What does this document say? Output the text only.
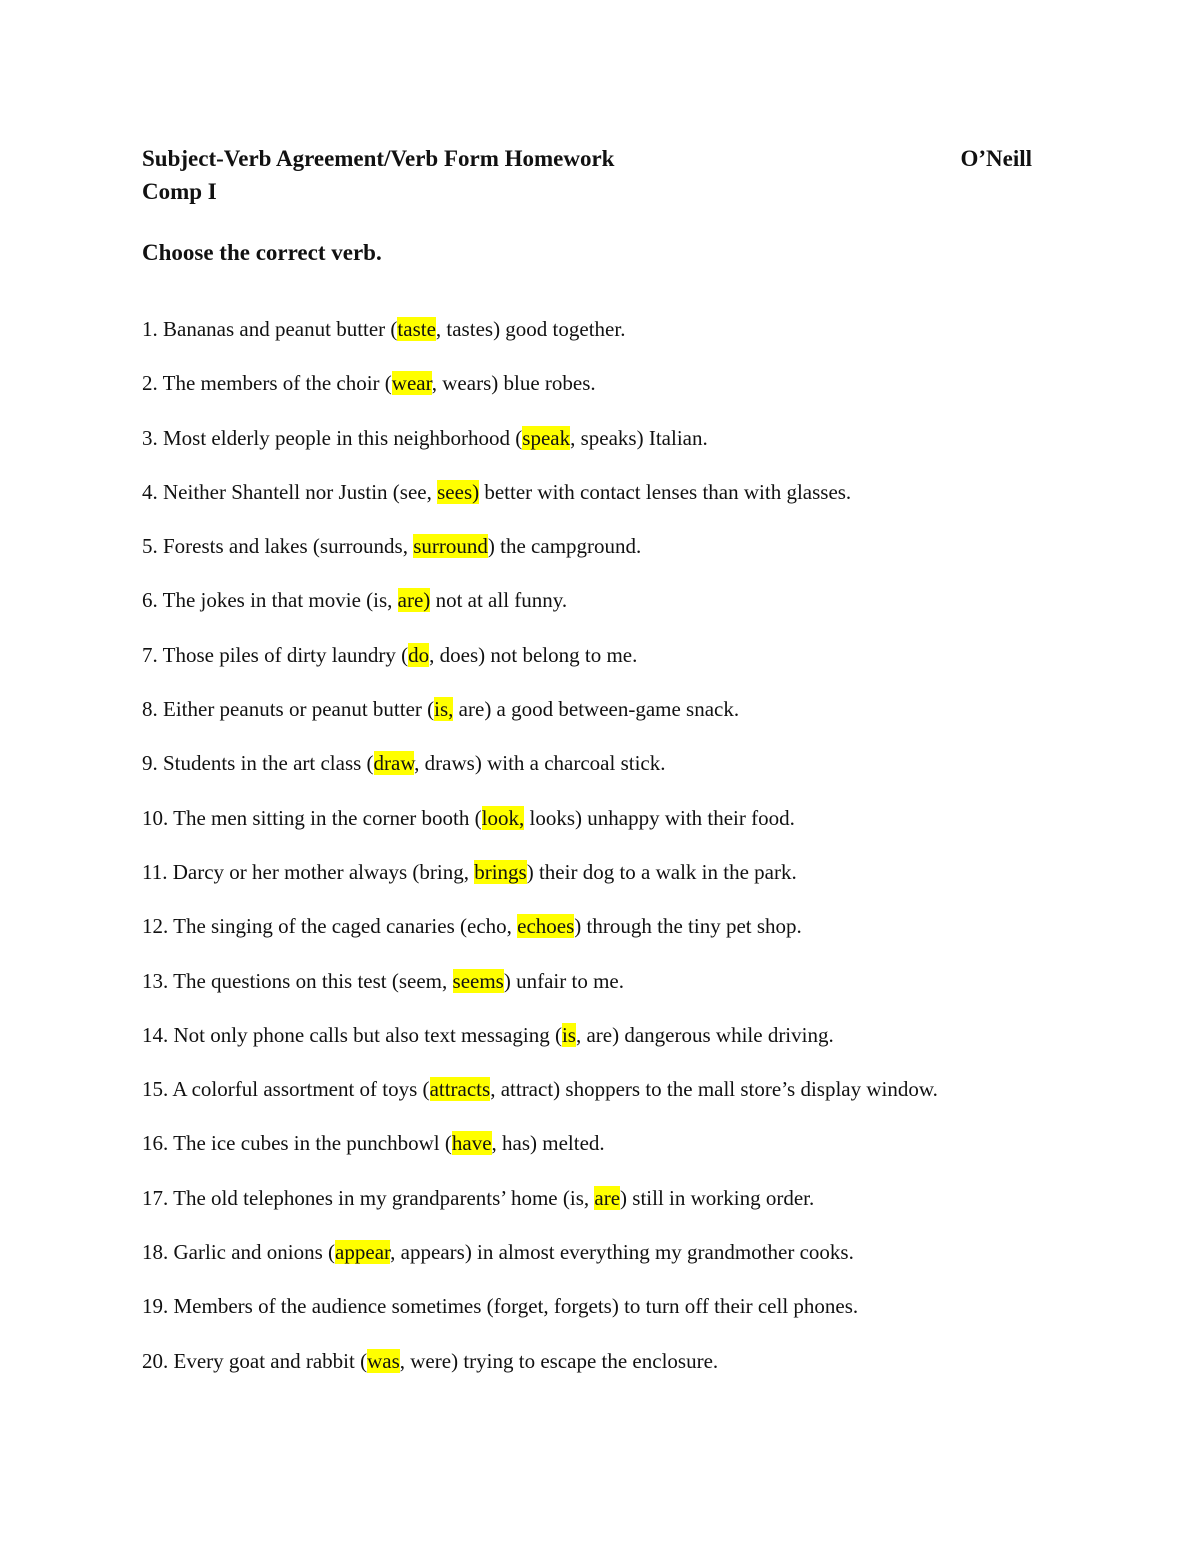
Subject-Verb Agreement/Verb Form Homework	O’Neill
Comp I
Choose the correct verb.
1. Bananas and peanut butter (taste, tastes) good together.
2. The members of the choir (wear, wears) blue robes.
3. Most elderly people in this neighborhood (speak, speaks) Italian.
4. Neither Shantell nor Justin (see, sees) better with contact lenses than with glasses.
5. Forests and lakes (surrounds, surround) the campground.
6. The jokes in that movie (is, are) not at all funny.
7. Those piles of dirty laundry (do, does) not belong to me.
8. Either peanuts or peanut butter (is, are) a good between-game snack.
9. Students in the art class (draw, draws) with a charcoal stick.
10. The men sitting in the corner booth (look, looks) unhappy with their food.
11. Darcy or her mother always (bring, brings) their dog to a walk in the park.
12. The singing of the caged canaries (echo, echoes) through the tiny pet shop.
13. The questions on this test (seem, seems) unfair to me.
14. Not only phone calls but also text messaging (is, are) dangerous while driving.
15. A colorful assortment of toys (attracts, attract) shoppers to the mall store’s display window.
16. The ice cubes in the punchbowl (have, has) melted.
17. The old telephones in my grandparents’ home (is, are) still in working order.
18. Garlic and onions (appear, appears) in almost everything my grandmother cooks.
19. Members of the audience sometimes (forget, forgets) to turn off their cell phones.
20. Every goat and rabbit (was, were) trying to escape the enclosure.
